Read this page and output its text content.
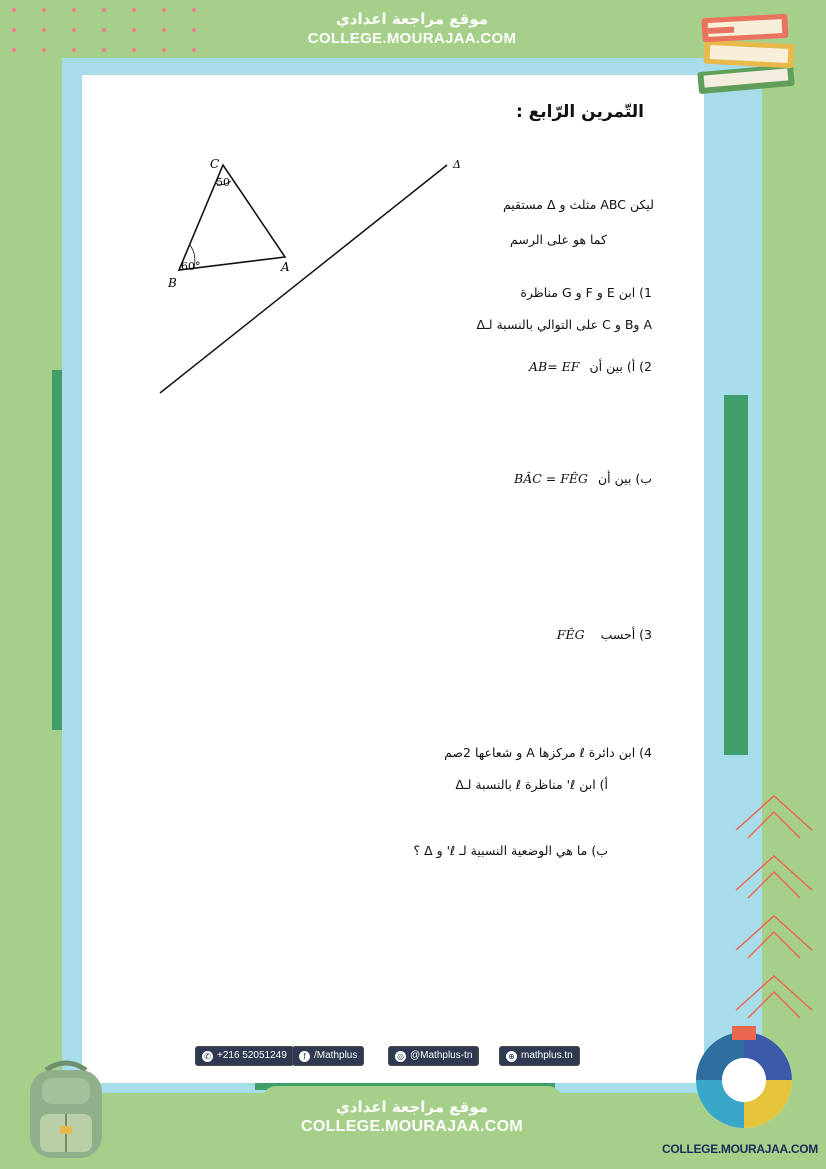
موقع مراجعة اعدادي
COLLEGE.MOURAJAA.COM
التّمرين الرّابع :
Δ
C
50
B
60°	A
ليكن ABC مثلث و Δ مستقيم
كما هو على الرسم
1) ابن E و F و G مناظرة
A وB و C على التوالي بالنسبة لـΔ
2) أ) بين أن AB= EF
ب) بين أن BÂC = FÊG
3) أحسب FÊG
4) ابن دائرة ℓ مركزها A و شعاعها 2صم
أ) ابن ℓ' مناظرة ℓ بالنسبة لـΔ
ب) ما هي الوضعية النسبية لـ ℓ' و Δ ؟
✆ +216 52051249	f /Mathplus	◎ @Mathplus-tn	⊕ mathplus.tn
موقع مراجعة اعدادي
COLLEGE.MOURAJAA.COM
COLLEGE.MOURAJAA.COM
